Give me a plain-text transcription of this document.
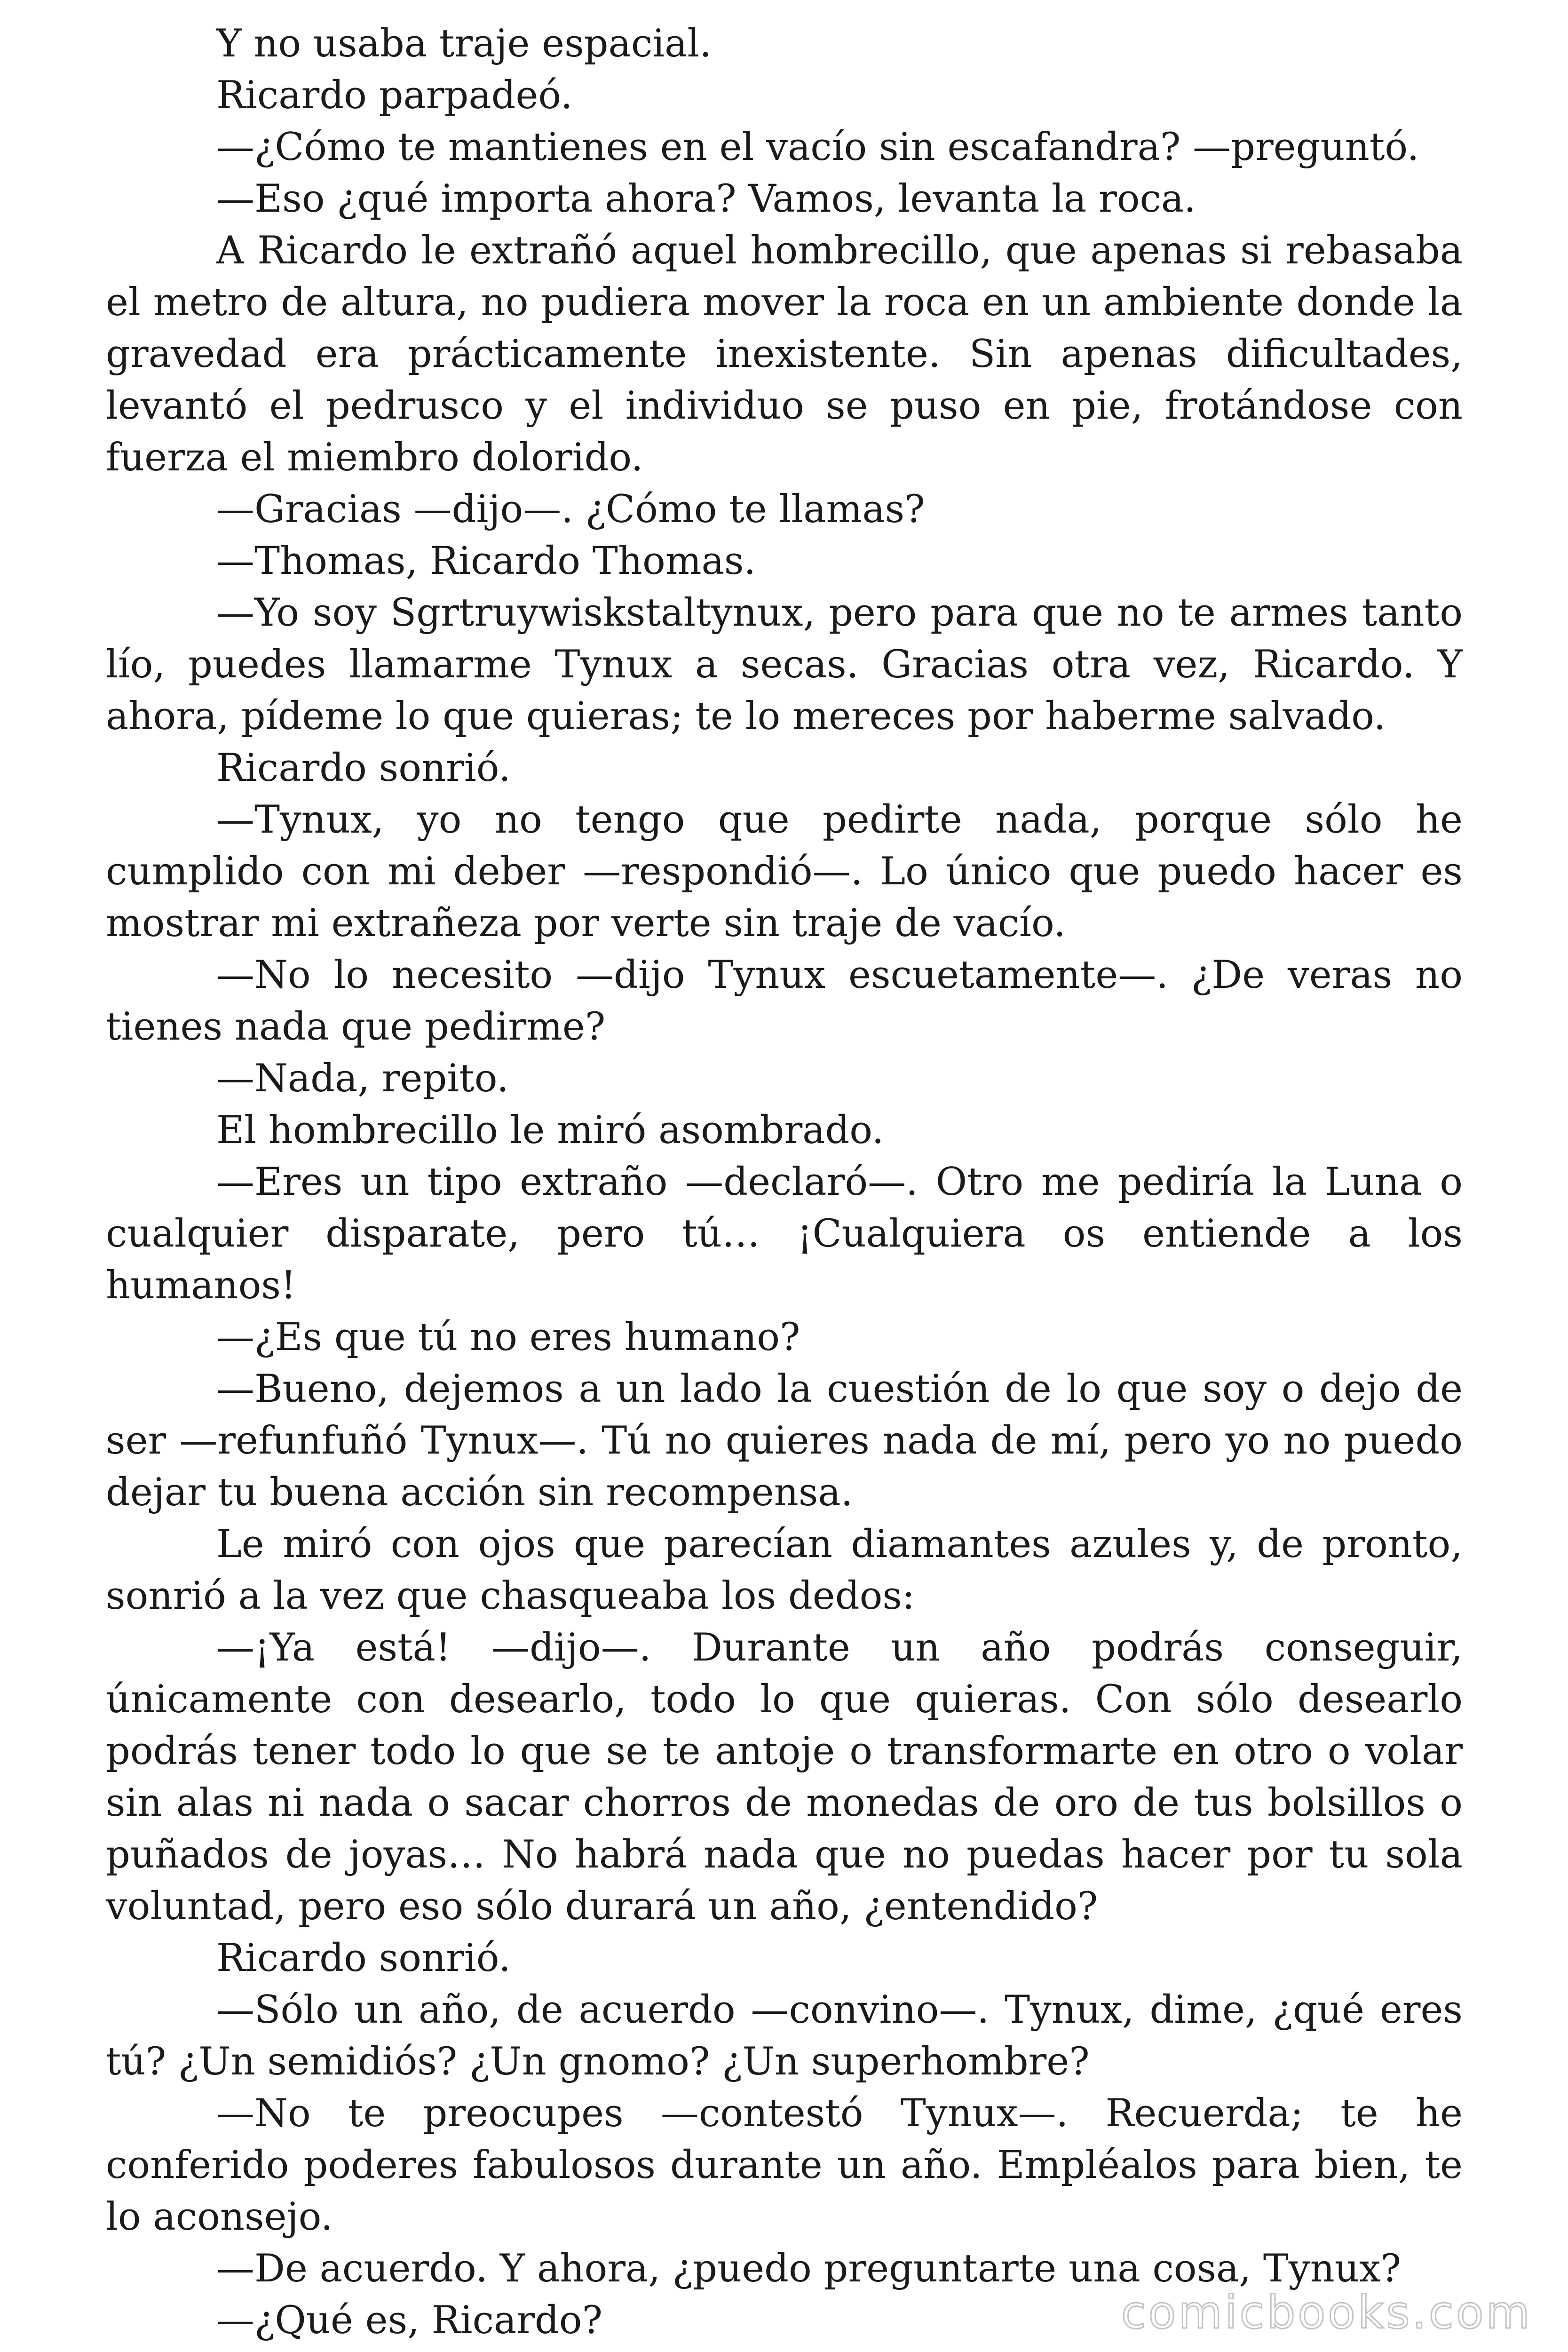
Y no usaba traje espacial.

Ricardo parpadeó.

—¿Cómo te mantienes en el vacío sin escafandra? —preguntó.

—Eso ¿qué importa ahora? Vamos, levanta la roca.

A Ricardo le extrañó aquel hombrecillo, que apenas si rebasaba el metro de altura, no pudiera mover la roca en un ambiente donde la gravedad era prácticamente inexistente. Sin apenas dificultades, levantó el pedrusco y el individuo se puso en pie, frotándose con fuerza el miembro dolorido.

—Gracias —dijo—. ¿Cómo te llamas?

—Thomas, Ricardo Thomas.

—Yo soy Sgrtruywiskstaltynux, pero para que no te armes tanto lío, puedes llamarme Tynux a secas. Gracias otra vez, Ricardo. Y ahora, pídeme lo que quieras; te lo mereces por haberme salvado.

Ricardo sonrió.

—Tynux, yo no tengo que pedirte nada, porque sólo he cumplido con mi deber —respondió—. Lo único que puedo hacer es mostrar mi extrañeza por verte sin traje de vacío.

—No lo necesito —dijo Tynux escuetamente—. ¿De veras no tienes nada que pedirme?

—Nada, repito.

El hombrecillo le miró asombrado.

—Eres un tipo extraño —declaró—. Otro me pediría la Luna o cualquier disparate, pero tú… ¡Cualquiera os entiende a los humanos!

—¿Es que tú no eres humano?

—Bueno, dejemos a un lado la cuestión de lo que soy o dejo de ser —refunfuñó Tynux—. Tú no quieres nada de mí, pero yo no puedo dejar tu buena acción sin recompensa.

Le miró con ojos que parecían diamantes azules y, de pronto, sonrió a la vez que chasqueaba los dedos:

—¡Ya está! —dijo—. Durante un año podrás conseguir, únicamente con desearlo, todo lo que quieras. Con sólo desearlo podrás tener todo lo que se te antoje o transformarte en otro o volar sin alas ni nada o sacar chorros de monedas de oro de tus bolsillos o puñados de joyas… No habrá nada que no puedas hacer por tu sola voluntad, pero eso sólo durará un año, ¿entendido?

Ricardo sonrió.

—Sólo un año, de acuerdo —convino—. Tynux, dime, ¿qué eres tú? ¿Un semidiós? ¿Un gnomo? ¿Un superhombre?

—No te preocupes —contestó Tynux—. Recuerda; te he conferido poderes fabulosos durante un año. Empléalos para bien, te lo aconsejo.

—De acuerdo. Y ahora, ¿puedo preguntarte una cosa, Tynux?

—¿Qué es, Ricardo?	comicbooks.com
